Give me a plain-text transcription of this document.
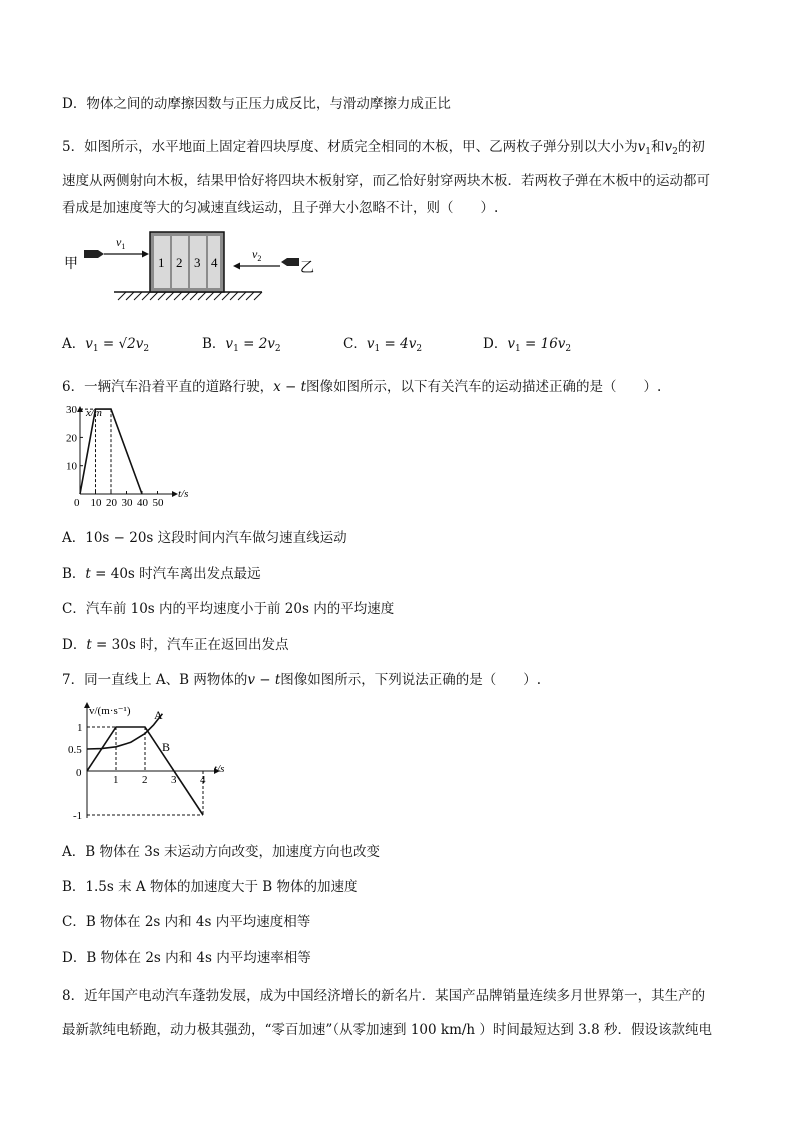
D．物体之间的动摩擦因数与正压力成反比，与滑动摩擦力成正比
5．如图所示，水平地面上固定着四块厚度、材质完全相同的木板，甲、乙两枚子弹分别以大小为$v_1$和$v_2$的初
速度从两侧射向木板，结果甲恰好将四块木板射穿，而乙恰好射穿两块木板．若两枚子弹在木板中的运动都可
看成是加速度等大的匀减速直线运动，且子弹大小忽略不计，则（　　）.
1 2 3 4
甲
$v_1$
$v_2$
乙
A．$v_1 = √2v_2$	B．$v_1 = 2v_2$	C．$v_1 = 4v_2$	D．$v_1 = 16v_2$
6．一辆汽车沿着平直的道路行驶，x − t图像如图所示，以下有关汽车的运动描述正确的是（　　）.
x/m
t/s
0 10 20 30 40 50
10
20
30
A．10s − 20s 这段时间内汽车做匀速直线运动
B．t = 40s 时汽车离出发点最远
C．汽车前 10s 内的平均速度小于前 20s 内的平均速度
D．t = 30s 时，汽车正在返回出发点
7．同一直线上 A、B 两物体的v − t图像如图所示，下列说法正确的是（　　）.
v/(m·s⁻¹)
t/s
0
A
B
1 2 3 4
-1
0.5
1
A．B 物体在 3s 末运动方向改变，加速度方向也改变
B．1.5s 末 A 物体的加速度大于 B 物体的加速度
C．B 物体在 2s 内和 4s 内平均速度相等
D．B 物体在 2s 内和 4s 内平均速率相等
8．近年国产电动汽车蓬勃发展，成为中国经济增长的新名片．某国产品牌销量连续多月世界第一，其生产的
最新款纯电轿跑，动力极其强劲，“零百加速”（从零加速到 100 km/h ）时间最短达到 3.8 秒．假设该款纯电
